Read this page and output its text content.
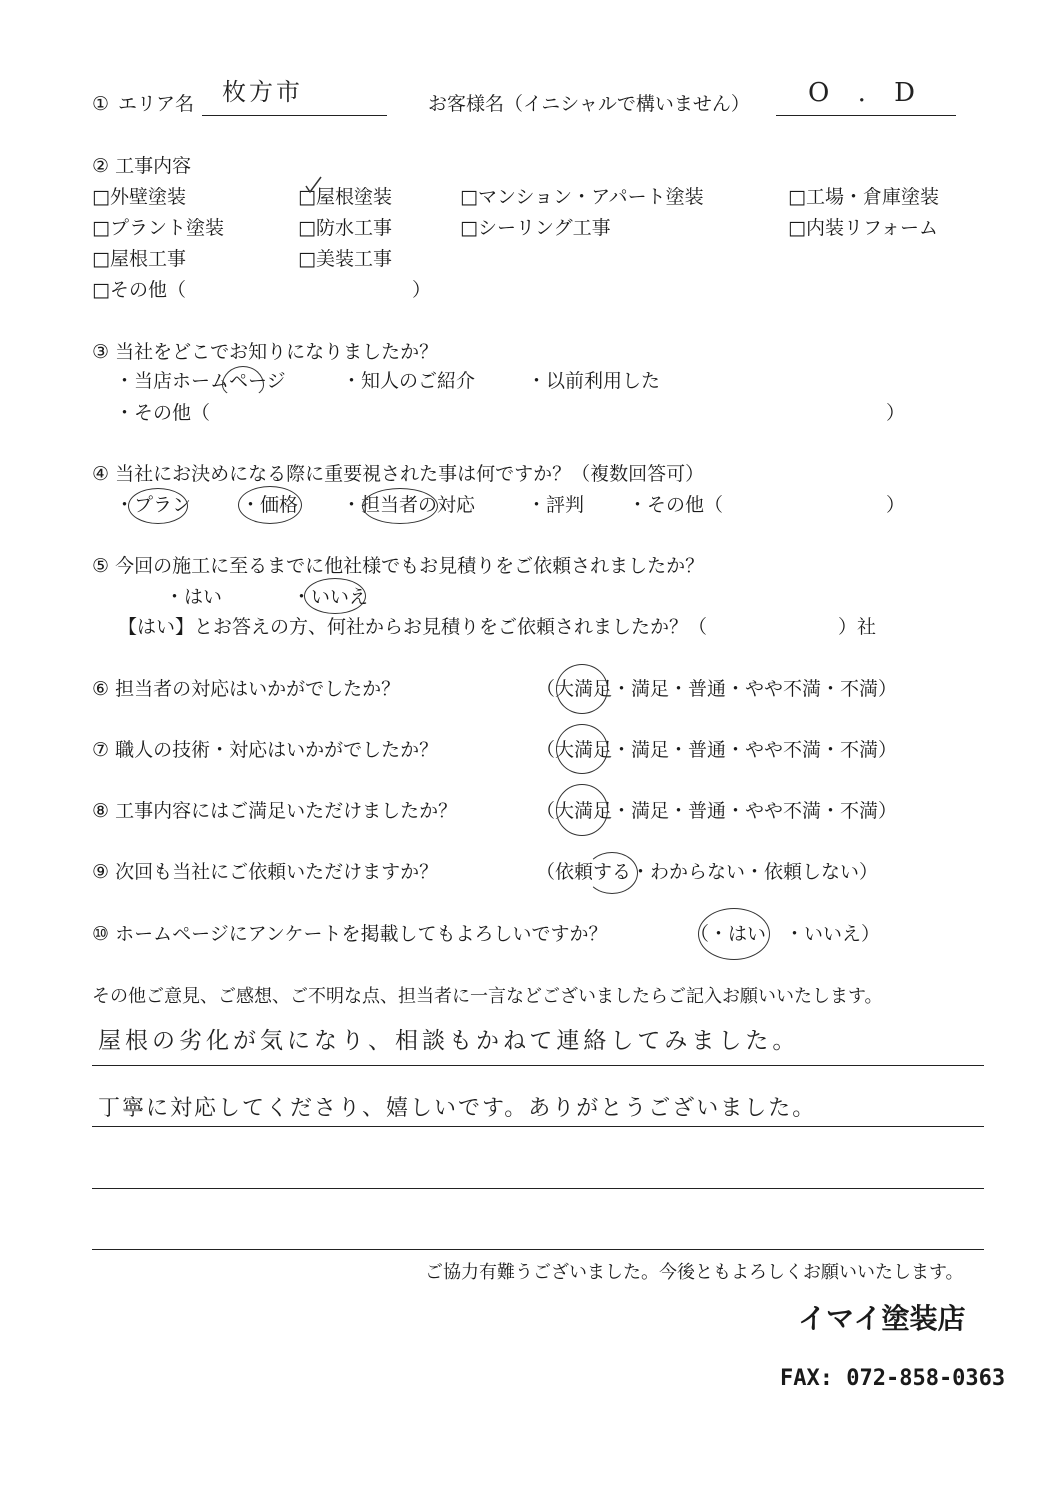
① エリア名 枚方市	お客様名（イニシャルで構いません） O . D
② 工事内容
□外壁塗装	□屋根塗装	□マンション・アパート塗装	□工場・倉庫塗装
□プラント塗装	□防水工事	□シーリング工事	□内装リフォーム
□屋根工事	□美装工事
□その他（	）
③ 当社をどこでお知りになりましたか？
・当店ホームページ	・知人のご紹介	・以前利用した
・その他（	）
④ 当社にお決めになる際に重要視された事は何ですか？（複数回答可）
・プラン	・価格 ・担当者の対応	・評判 ・その他（	）
⑤ 今回の施工に至るまでに他社様でもお見積りをご依頼されましたか？
・はい	・いいえ
【はい】とお答えの方、何社からお見積りをご依頼されましたか？（	）社
⑥ 担当者の対応はいかがでしたか？	（大満足・満足・普通・やや不満・不満）
⑦ 職人の技術・対応はいかがでしたか？	（大満足・満足・普通・やや不満・不満）
⑧ 工事内容にはご満足いただけましたか？	（大満足・満足・普通・やや不満・不満）
⑨ 次回も当社にご依頼いただけますか？	（依頼する・わからない・依頼しない）
⑩ ホームページにアンケートを掲載してもよろしいですか？	（・はい　・いいえ）
その他ご意見、ご感想、ご不明な点、担当者に一言などございましたらご記入お願いいたします。
屋根の劣化が気になり、相談もかねて連絡してみました。
丁寧に対応してくださり、嬉しいです。ありがとうございました。
ご協力有難うございました。今後ともよろしくお願いいたします。
イマイ塗装店
FAX: 072-858-0363
